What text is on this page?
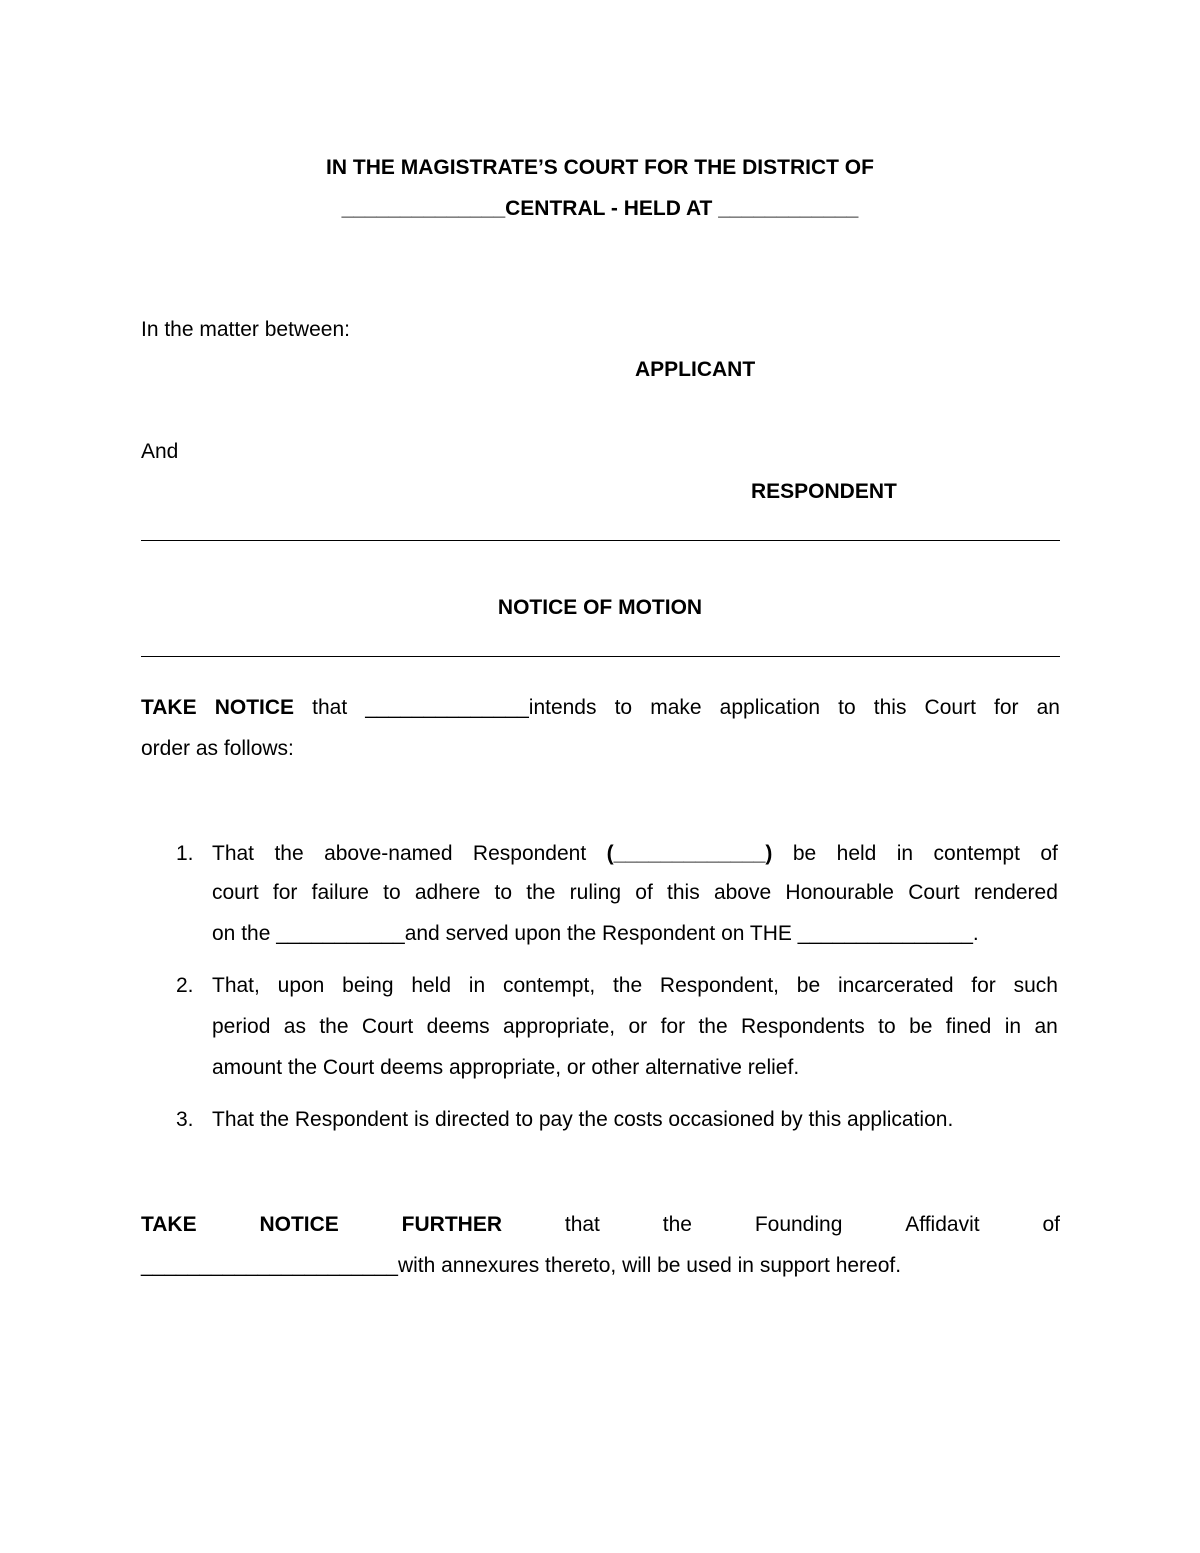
IN THE MAGISTRATE’S COURT FOR THE DISTRICT OF
______________CENTRAL - HELD AT ____________
In the matter between:
APPLICANT
And
RESPONDENT
NOTICE OF MOTION
TAKE NOTICE that ______________intends to make application to this Court for an
order as follows:
1. That the above-named Respondent (_____________) be held in contempt of
court for failure to adhere to the ruling of this above Honourable Court rendered
on the ___________and served upon the Respondent on THE _______________.
2. That, upon being held in contempt, the Respondent, be incarcerated for such
period as the Court deems appropriate, or for the Respondents to be fined in an
amount the Court deems appropriate, or other alternative relief.
3. That the Respondent is directed to pay the costs occasioned by this application.
TAKE	NOTICE	FURTHER	that	the	Founding	Affidavit	of
______________________with annexures thereto, will be used in support hereof.
